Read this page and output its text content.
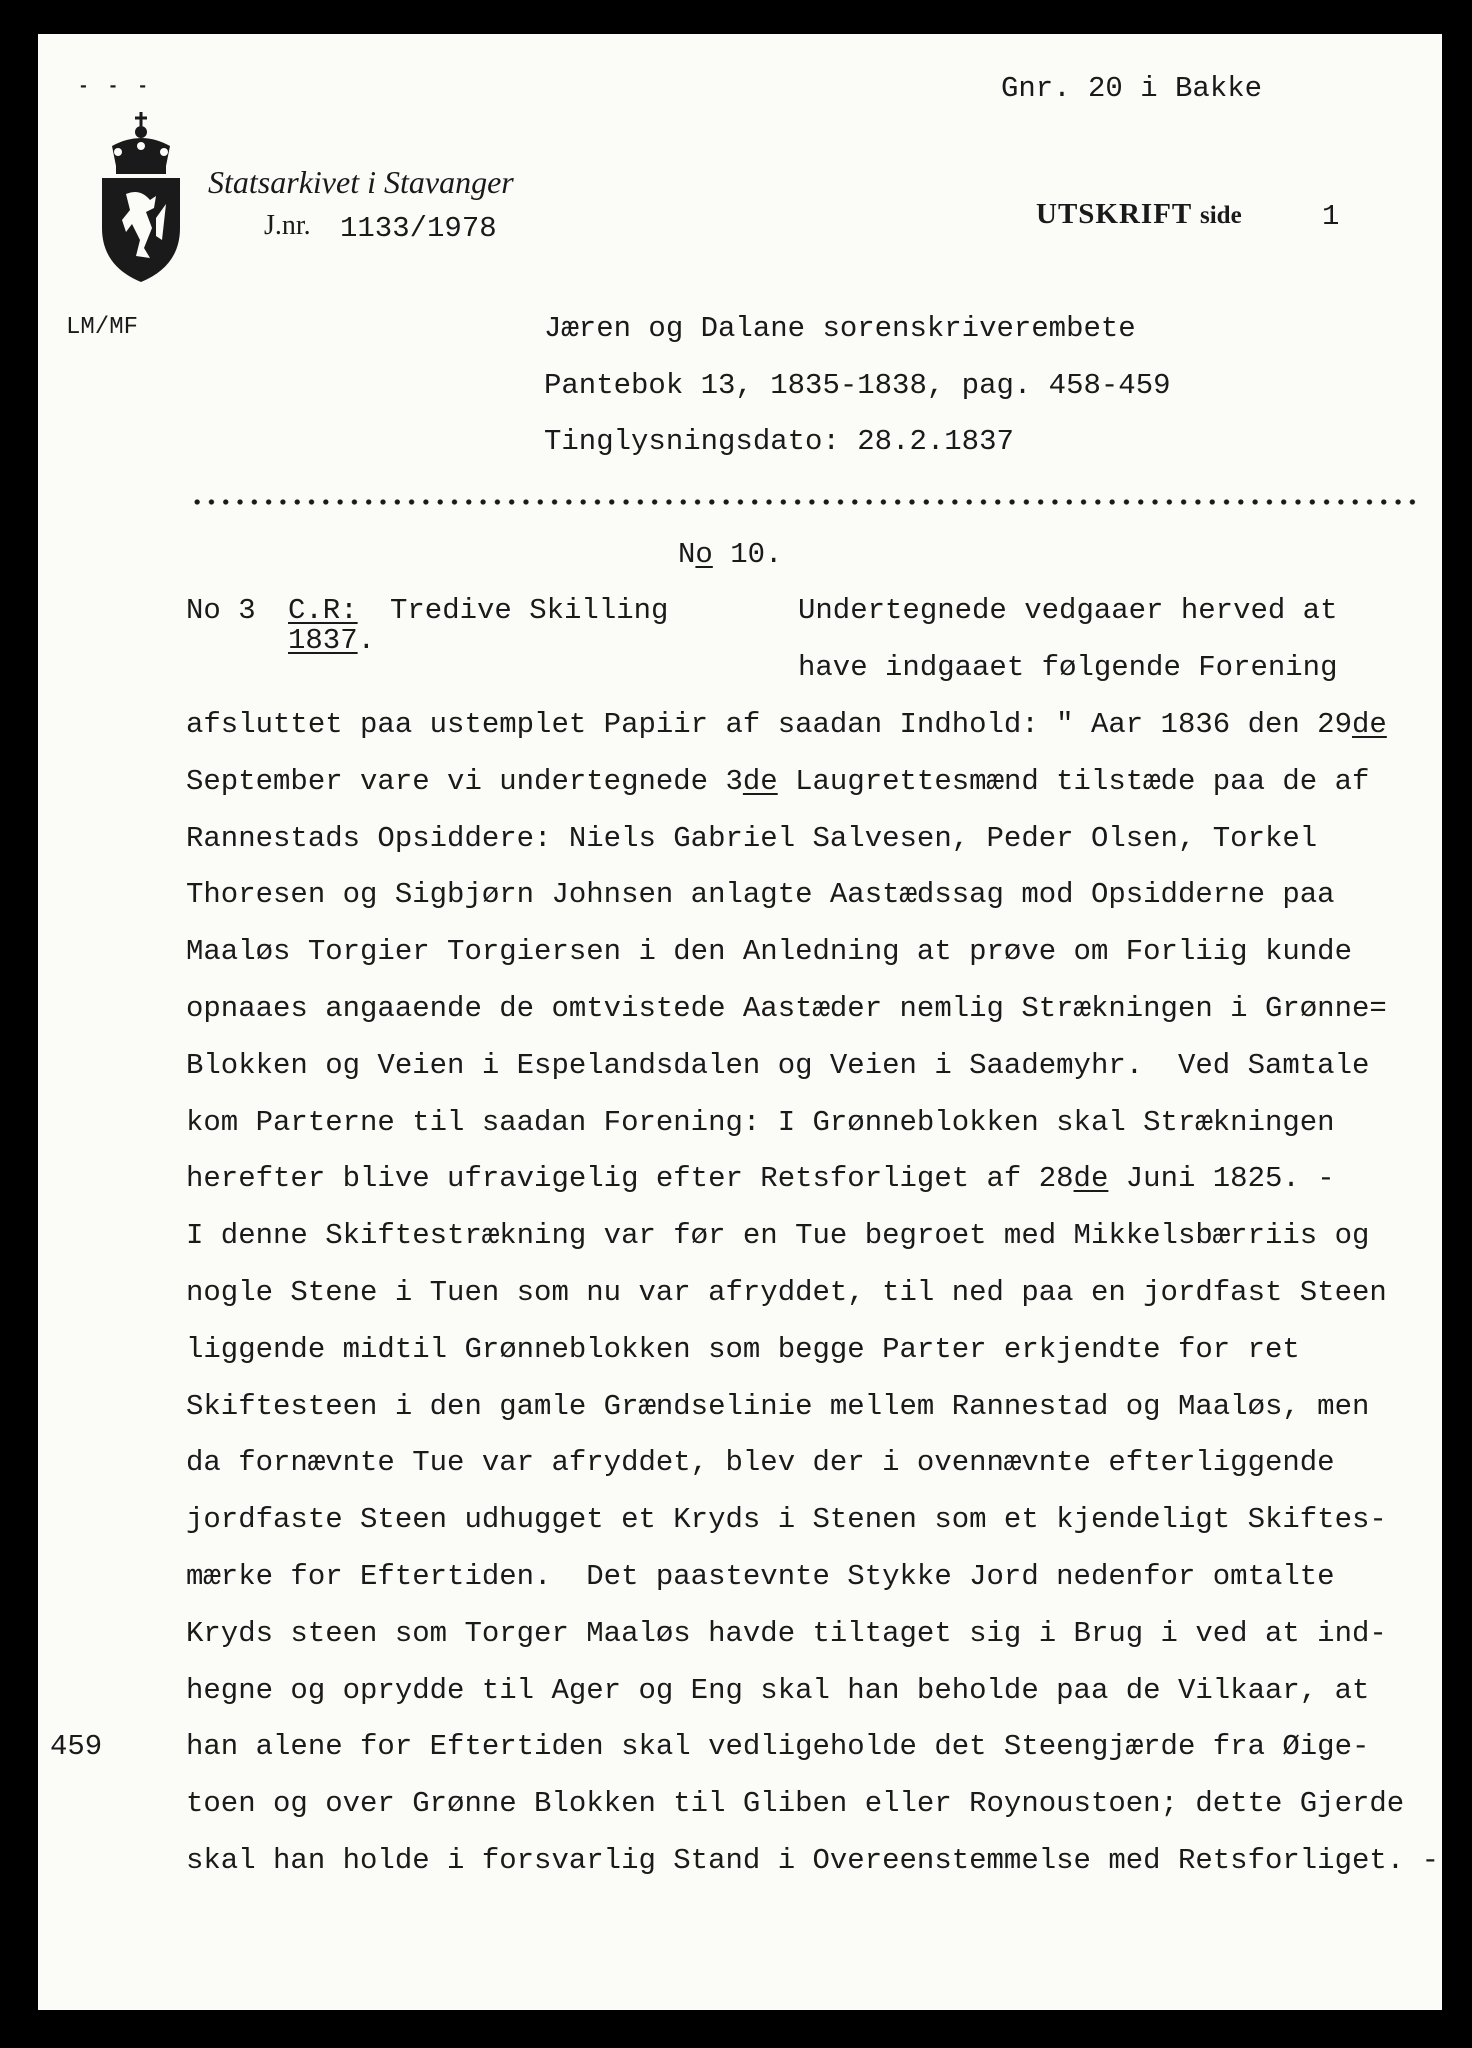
Gnr. 20 i Bakke
- - -
Statsarkivet i Stavanger
J.nr. 1133/1978	UTSKRIFT side	1
LM/MF	Jæren og Dalane sorenskriverembete
Pantebok 13, 1835-1838, pag. 458-459
Tinglysningsdato: 28.2.1837
No 10.
No 3 C.R: Tredive Skilling
1837.
Undertegnede vedgaaer herved at
have indgaaet følgende Forening
459
afsluttet paa ustemplet Papiir af saadan Indhold: " Aar 1836 den 29de
September vare vi undertegnede 3de Laugrettesmænd tilstæde paa de af
Rannestads Opsiddere: Niels Gabriel Salvesen, Peder Olsen, Torkel
Thoresen og Sigbjørn Johnsen anlagte Aastædssag mod Opsidderne paa
Maaløs Torgier Torgiersen i den Anledning at prøve om Forliig kunde
opnaaes angaaende de omtvistede Aastæder nemlig Strækningen i Grønne=
Blokken og Veien i Espelandsdalen og Veien i Saademyhr.  Ved Samtale
kom Parterne til saadan Forening: I Grønneblokken skal Strækningen
herefter blive ufravigelig efter Retsforliget af 28de Juni 1825. -
I denne Skiftestrækning var før en Tue begroet med Mikkelsbærriis og
nogle Stene i Tuen som nu var afryddet, til ned paa en jordfast Steen
liggende midtil Grønneblokken som begge Parter erkjendte for ret
Skiftesteen i den gamle Grændselinie mellem Rannestad og Maaløs, men
da fornævnte Tue var afryddet, blev der i ovennævnte efterliggende
jordfaste Steen udhugget et Kryds i Stenen som et kjendeligt Skiftes-
mærke for Eftertiden.  Det paastevnte Stykke Jord nedenfor omtalte
Kryds steen som Torger Maaløs havde tiltaget sig i Brug i ved at ind-
hegne og oprydde til Ager og Eng skal han beholde paa de Vilkaar, at
han alene for Eftertiden skal vedligeholde det Steengjærde fra Øige-
toen og over Grønne Blokken til Gliben eller Roynoustoen; dette Gjerde
skal han holde i forsvarlig Stand i Overeenstemmelse med Retsforliget. -
